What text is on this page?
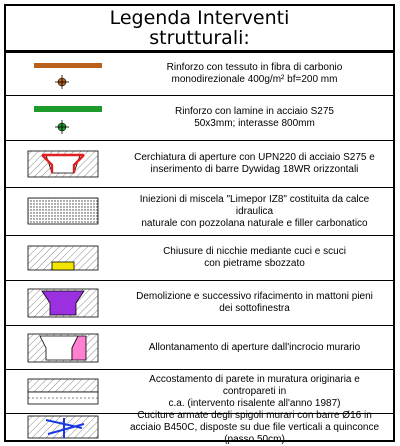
Legenda Interventi
strutturali:
Rinforzo con tessuto in fibra di carbonio
monodirezionale 400g/m² bf=200 mm
Rinforzo con lamine in acciaio S275
50x3mm; interasse 800mm
Cerchiatura di aperture con UPN220 di acciaio S275 e
inserimento di barre Dywidag 18WR orizzontali
Iniezioni di miscela "Limepor IZ8" costituita da calce idraulica
naturale con pozzolana naturale e filler carbonatico
Chiusure di nicchie mediante cuci e scuci
con pietrame sbozzato
Demolizione e successivo rifacimento in mattoni pieni
dei sottofinestra
Allontanamento di aperture dall'incrocio murario
Accostamento di parete in muratura originaria e contropareti in
c.a. (intervento risalente all'anno 1987)
Cuciture armate degli spigoli murari con barre Ø16 in
acciaio B450C, disposte su due file verticali a quinconce
(passo 50cm)
